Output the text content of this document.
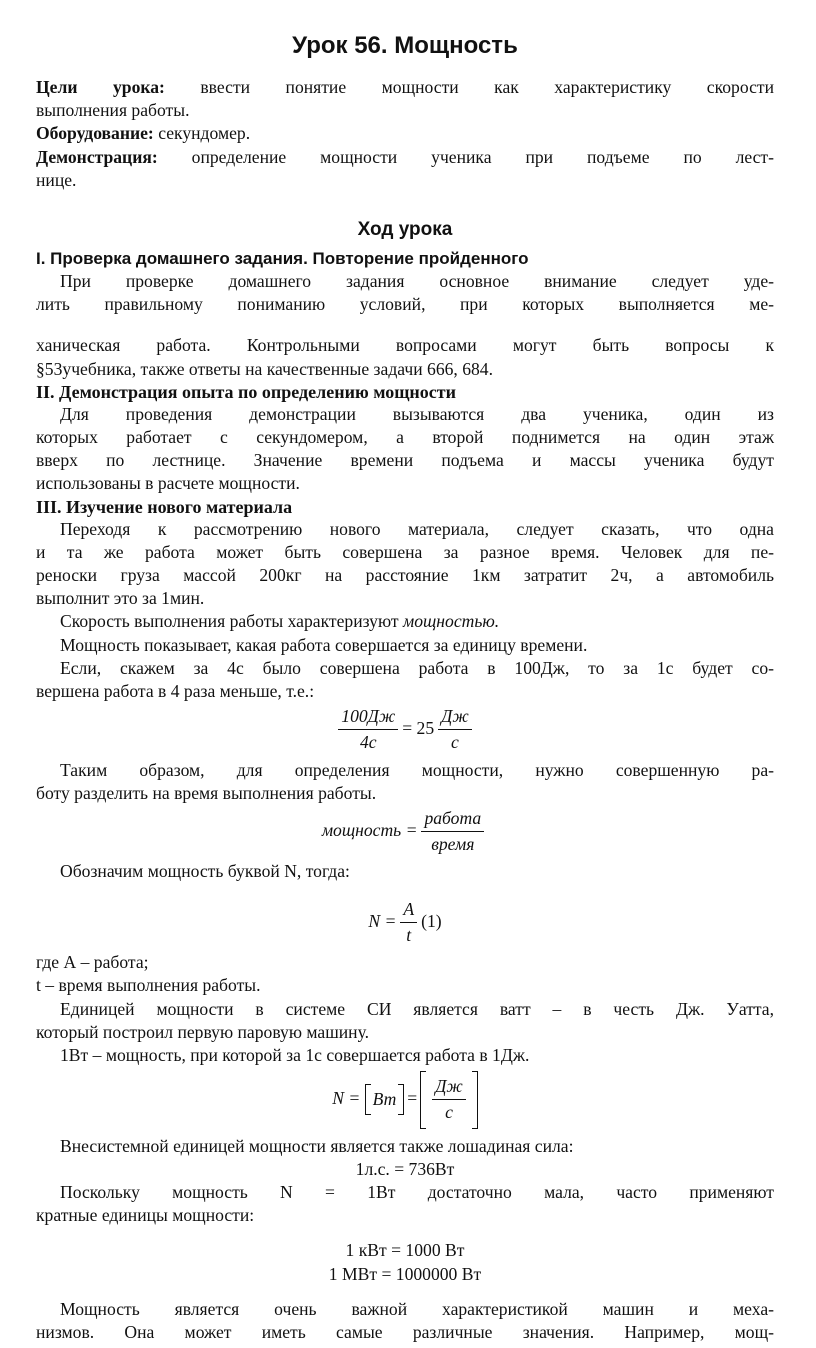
Урок 56. Мощность

Цели урока: ввести понятие мощности как характеристику скорости

выполнения работы.

Оборудование: секундомер.

Демонстрация: определение мощности ученика при подъеме по лест-

нице.

Ход урока
I. Проверка домашнего задания. Повторение пройденного

При проверке домашнего задания основное внимание следует уде-

лить правильному пониманию условий, при которых выполняется ме-

ханическая работа. Контрольными вопросами могут быть вопросы к

§53учебника, также ответы на качественные задачи 666, 684.

II. Демонстрация опыта по определению мощности

Для проведения демонстрации вызываются два ученика, один из

которых работает с секундомером, а второй поднимется на один этаж

вверх по лестнице. Значение времени подъема и массы ученика будут

использованы в расчете мощности.

III. Изучение нового материала

Переходя к рассмотрению нового материала, следует сказать, что одна

и та же работа может быть совершена за разное время. Человек для пе-

реноски груза массой 200кг на расстояние 1км затратит 2ч, а автомобиль

выполнит это за 1мин.

Скорость выполнения работы характеризуют мощностью.

Мощность показывает, какая работа совершается за единицу времени.

Если, скажем за 4с было совершена работа в 100Дж, то за 1с будет со-

вершена работа в 4 раза меньше, т.е.:

$\frac{100Дж}{4с} = 25 \frac{Дж}{с}$

Таким образом, для определения мощности, нужно совершенную ра-

боту разделить на время выполнения работы.

мощность = $\frac{\text{работа}}{\text{время}}$

Обозначим мощность буквой N, тогда:

$N = \frac{A}{t} (1)$

где А – работа;

t – время выполнения работы.

Единицей мощности в системе СИ является ватт – в честь Дж. Уатта,

который построил первую паровую машину.

1Вт – мощность, при которой за 1с совершается работа в 1Дж.

N = Вт = $\frac{Дж}{с}$

Внесистемной единицей мощности является также лошадиная сила:

1л.с. = 736Вт

Поскольку мощность N = 1Вт достаточно мала, часто применяют

кратные единицы мощности:

1 кВт = 1000 Вт

1 МВт = 1000000 Вт

Мощность является очень важной характеристикой машин и меха-

низмов. Она может иметь самые различные значения. Например, мощ-
